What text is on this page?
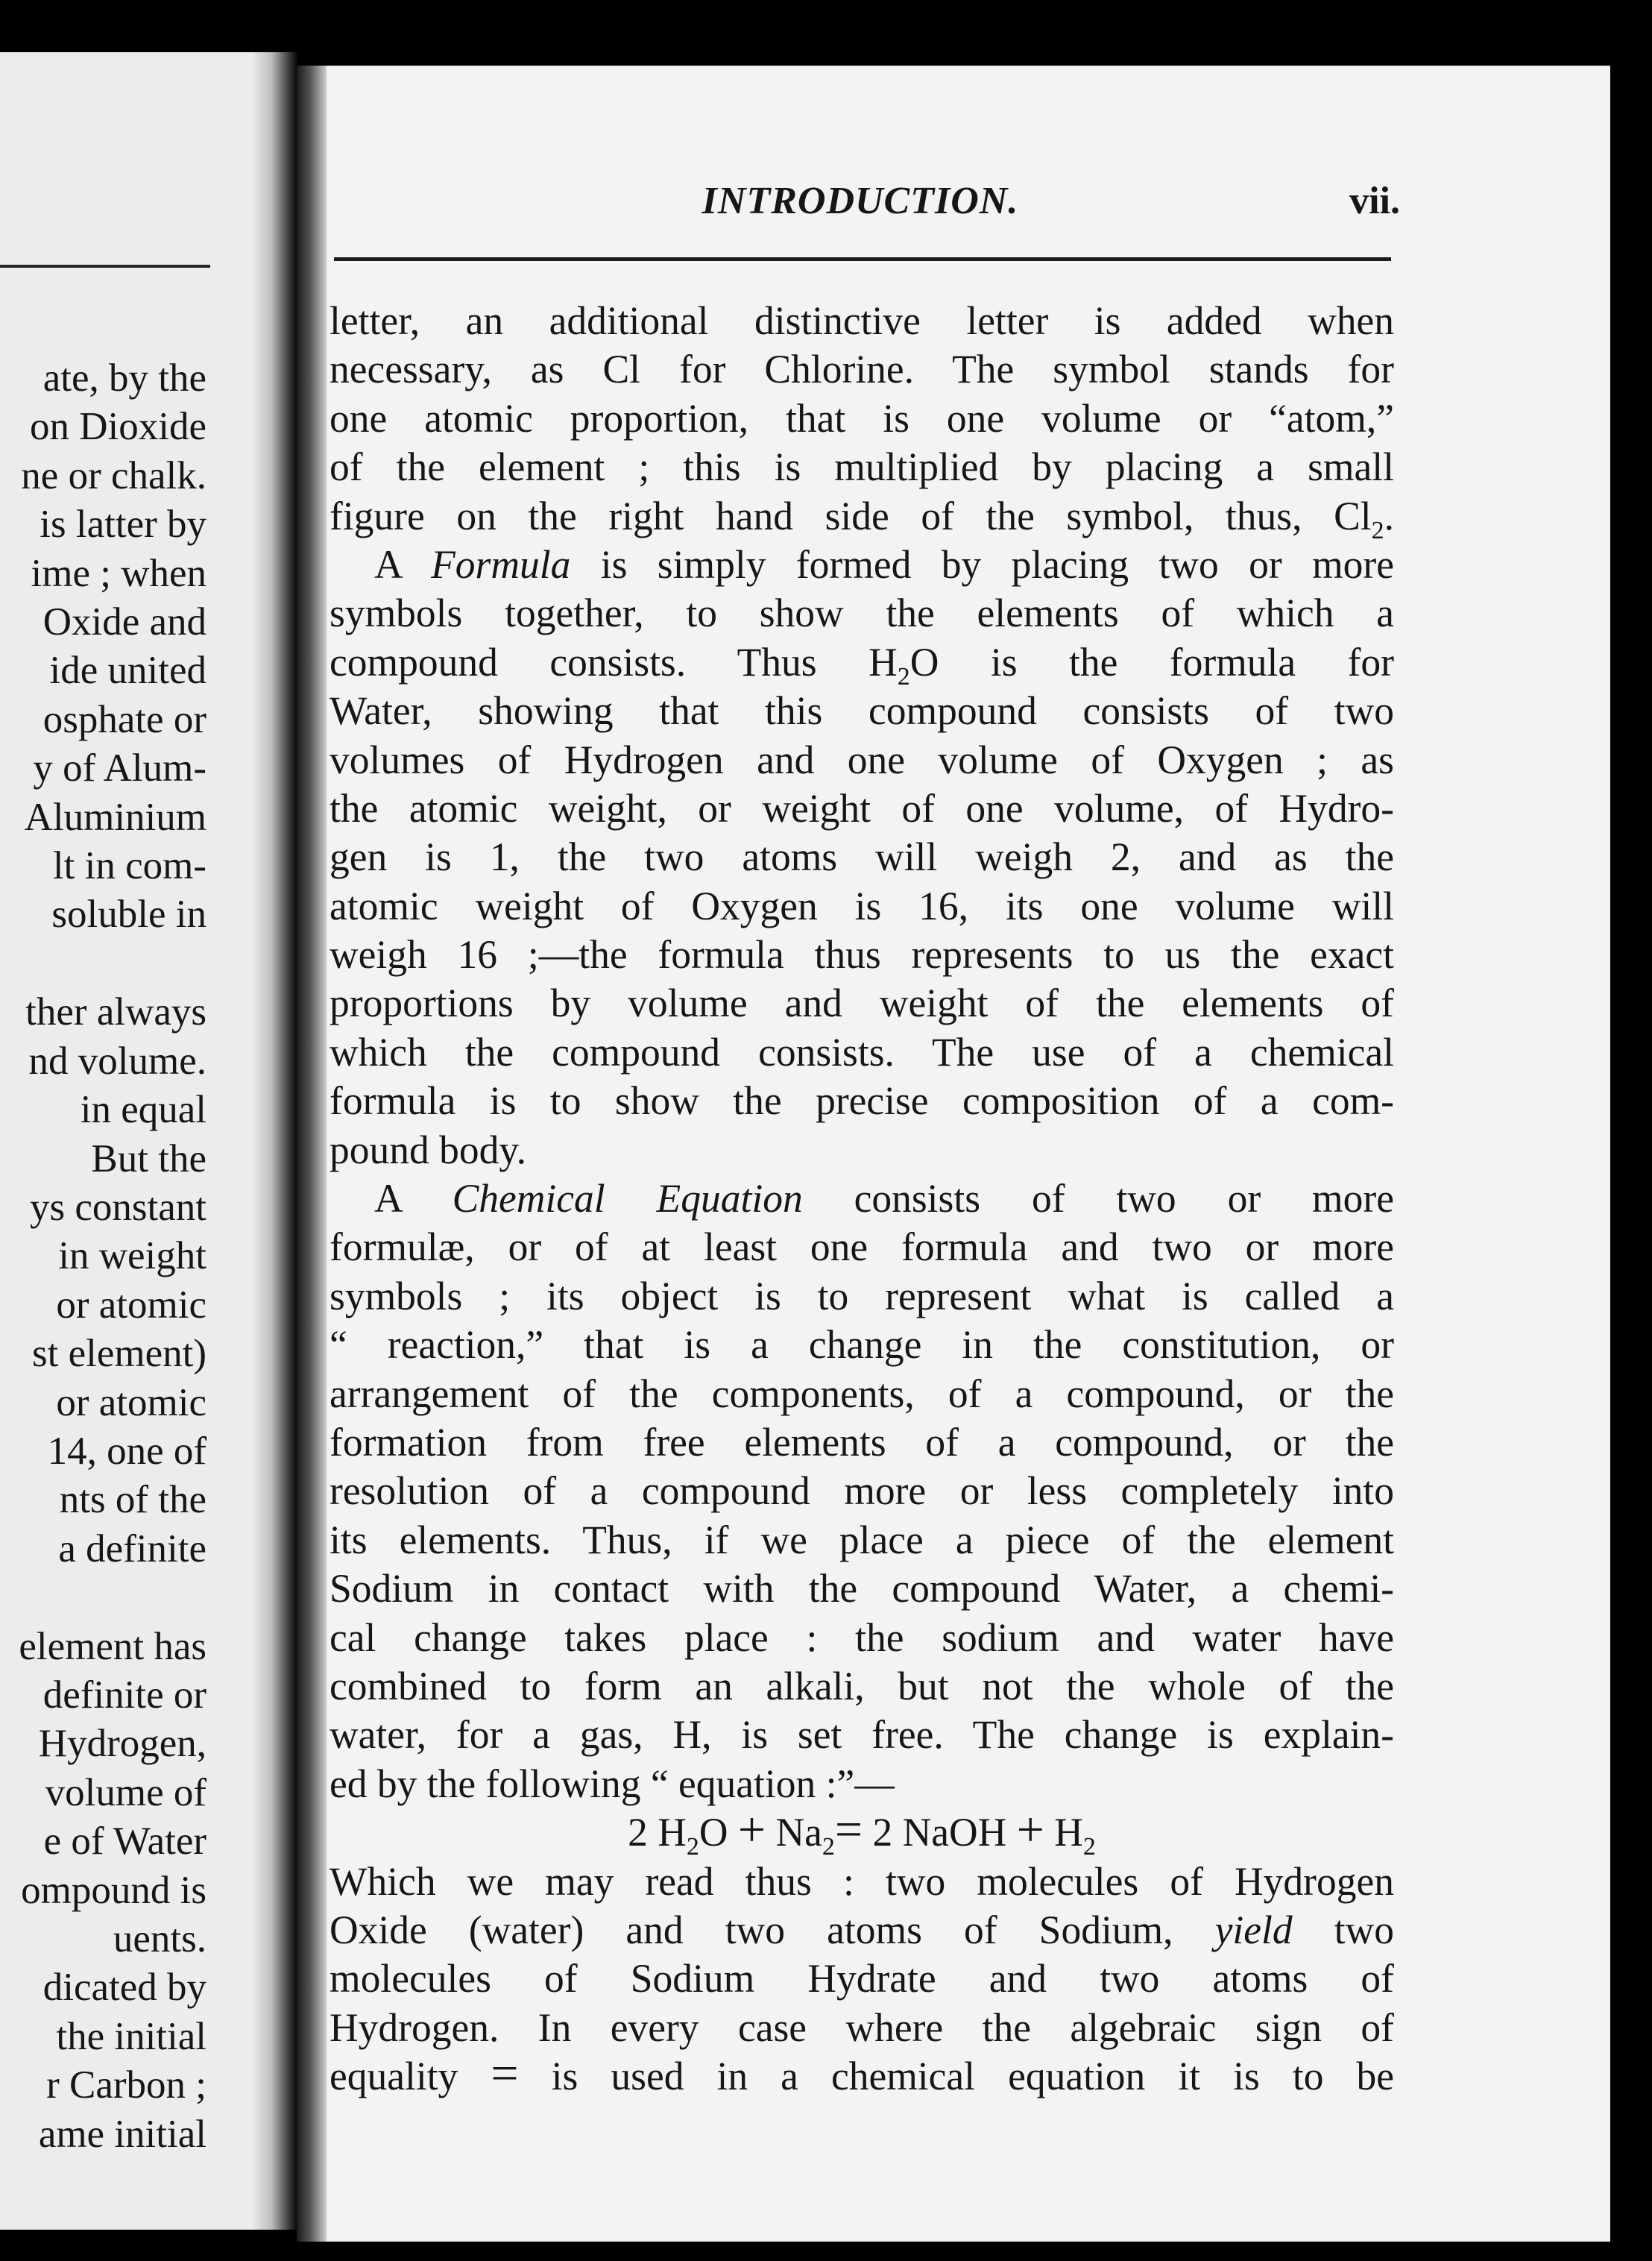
ate, by the
on Dioxide
ne or chalk.
is latter by
ime ; when
Oxide and
ide united
osphate or
y of Alum-
Aluminium
lt in com-
soluble in

ther always
nd volume.
in equal
But the
ys constant
in weight
or atomic
st element)
or atomic
14, one of
nts of the
a definite

element has
definite or
Hydrogen,
volume of
e of Water
ompound is
uents.
dicated by
the initial
r Carbon ;
ame initial
INTRODUCTION.	vii.
letter, an additional distinctive letter is added when
necessary, as Cl for Chlorine. The symbol stands for
one atomic proportion, that is one volume or “atom,”
of the element ; this is multiplied by placing a small
figure on the right hand side of the symbol, thus, $Cl_2$.
A Formula is simply formed by placing two or more
symbols together, to show the elements of which a
compound consists. Thus $H_2O$ is the formula for
Water, showing that this compound consists of two
volumes of Hydrogen and one volume of Oxygen ; as
the atomic weight, or weight of one volume, of Hydro-
gen is 1, the two atoms will weigh 2, and as the
atomic weight of Oxygen is 16, its one volume will
weigh 16 ;—the formula thus represents to us the exact
proportions by volume and weight of the elements of
which the compound consists. The use of a chemical
formula is to show the precise composition of a com-
pound body.
A Chemical Equation consists of two or more
formulæ, or of at least one formula and two or more
symbols ; its object is to represent what is called a
“ reaction,” that is a change in the constitution, or
arrangement of the components, of a compound, or the
formation from free elements of a compound, or the
resolution of a compound more or less completely into
its elements. Thus, if we place a piece of the element
Sodium in contact with the compound Water, a chemi-
cal change takes place : the sodium and water have
combined to form an alkali, but not the whole of the
water, for a gas, H, is set free. The change is explain-
ed by the following “ equation :”—
2 $H_2O + Na_2= 2$ NaOH + $H_2$
Which we may read thus : two molecules of Hydrogen
Oxide (water) and two atoms of Sodium, yield two
molecules of Sodium Hydrate and two atoms of
Hydrogen. In every case where the algebraic sign of
equality = is used in a chemical equation it is to be
